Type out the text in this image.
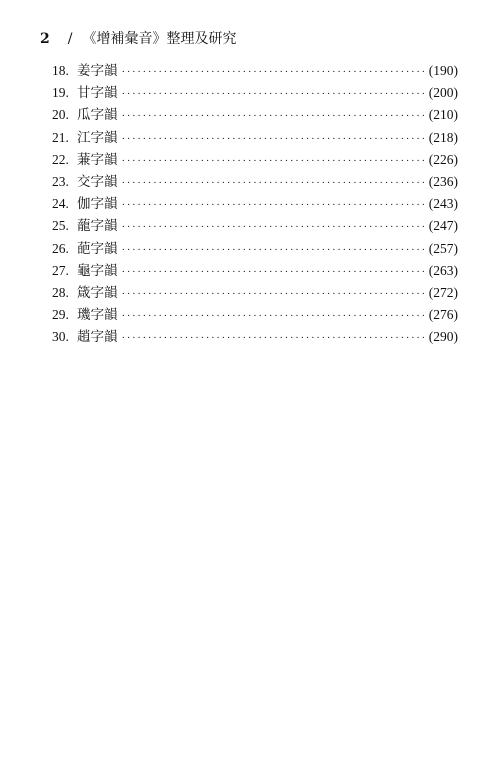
2 / 《增補彙音》整理及研究
18. 姜字韻 ·····	(190)
19. 甘字韻 ·····	(200)
20. 瓜字韻 ·····	(210)
21. 江字韻 ·····	(218)
22. 蒹字韻 ·····	(226)
23. 交字韻 ·····	(236)
24. 伽字韻 ·····	(243)
25. 蘢字韻 ·····	(247)
26. 葩字韻 ·····	(257)
27. 龜字韻 ·····	(263)
28. 箴字韻 ·····	(272)
29. 璣字韻 ·····	(276)
30. 趙字韻 ·····	(290)
